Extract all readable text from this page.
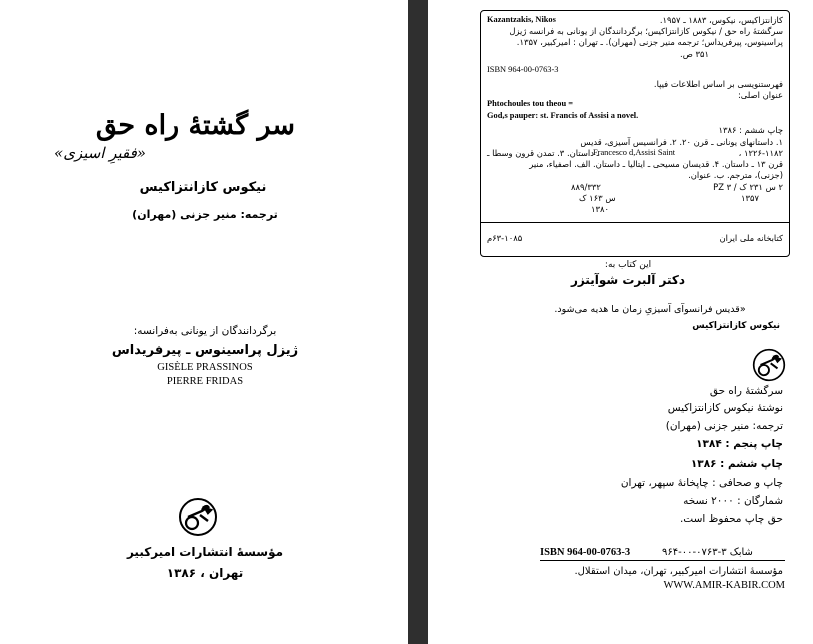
سر گشتۀ راه حق
«فقیرِ اسیزی»
نیکوس کازانتزاکیس
ترجمه: منیر جزنی (مهران)
برگردانندگان از یونانی به‌فرانسه:
ژیزل پراسینوس ـ پیرفریداس
GISÈLE PRASSINOS
PIERRE FRIDAS
مؤسسهٔ انتشارات امیرکبیر
تهران ، ۱۳۸۶
Kazantzakis, Nikos	کازانتزاکیس، نیکوس، ۱۸۸۳ ـ ۱۹۵۷.
سرگشتهٔ راه حق / نیکوس کازانتزاکیس؛ برگردانندگان از یونانی به فرانسه ژیزل
پراسینوس، پیرفریداس؛ ترجمه منیر جزنی (مهران). ـ تهران : امیرکبیر، ۱۳۵۷.
۳۵۱ ص.
ISBN 964-00-0763-3
فهرستنویسی بر اساس اطلاعات فیپا.
عنوان اصلی:
Phtochoules tou theou =
God,s pauper: st. Francis of Assisi a novel.
چاپ ششم : ۱۳۸۶
۱. داستانهای یونانی ـ قرن ۲۰. ۲. فرانسیس آسیزی، قدیس
، ۱۲۲۶-۱۱۸۲
Francesco d,Assisi Saint
ـ داستان. ۳. تمدن قرون وسطا ـ
قرن ۱۳ ـ داستان. ۴. قدیسان مسیحی ـ ایتالیا ـ داستان. الف. اصفیاء، منیر
(جزنی)، مترجم. ب. عنوان.
۸۸۹/۳۳۲	۲ س ۲۳۱ ک / PZ ۳
س ۱۶۳ ک	۱۳۵۷
۱۳۸۰
۶۳-۱۰۸۵م	کتابخانه ملی ایران
این کتاب به:
دکتر آلبرت شوآیتزر
«قدیس فرانسوآی آسیزیِ زمان ما هدیه می‌شود.
نیکوس کازانتزاکیس
سرگشتهٔ راه حق
نوشتهٔ نیکوس کازانتزاکیس
ترجمه: منیر جزنی (مهران)
چاپ پنجم : ۱۳۸۴
چاپ ششم : ۱۳۸۶
چاپ و صحافی : چاپخانهٔ سپهر، تهران
شمارگان : ۲۰۰۰ نسخه
حق چاپ محفوظ است.
ISBN 964-00-0763-3	شابک ۳-۰۷۶۳-۰۰-۹۶۴
مؤسسهٔ انتشارات امیرکبیر، تهران، میدان استقلال.
WWW.AMIR-KABIR.COM
